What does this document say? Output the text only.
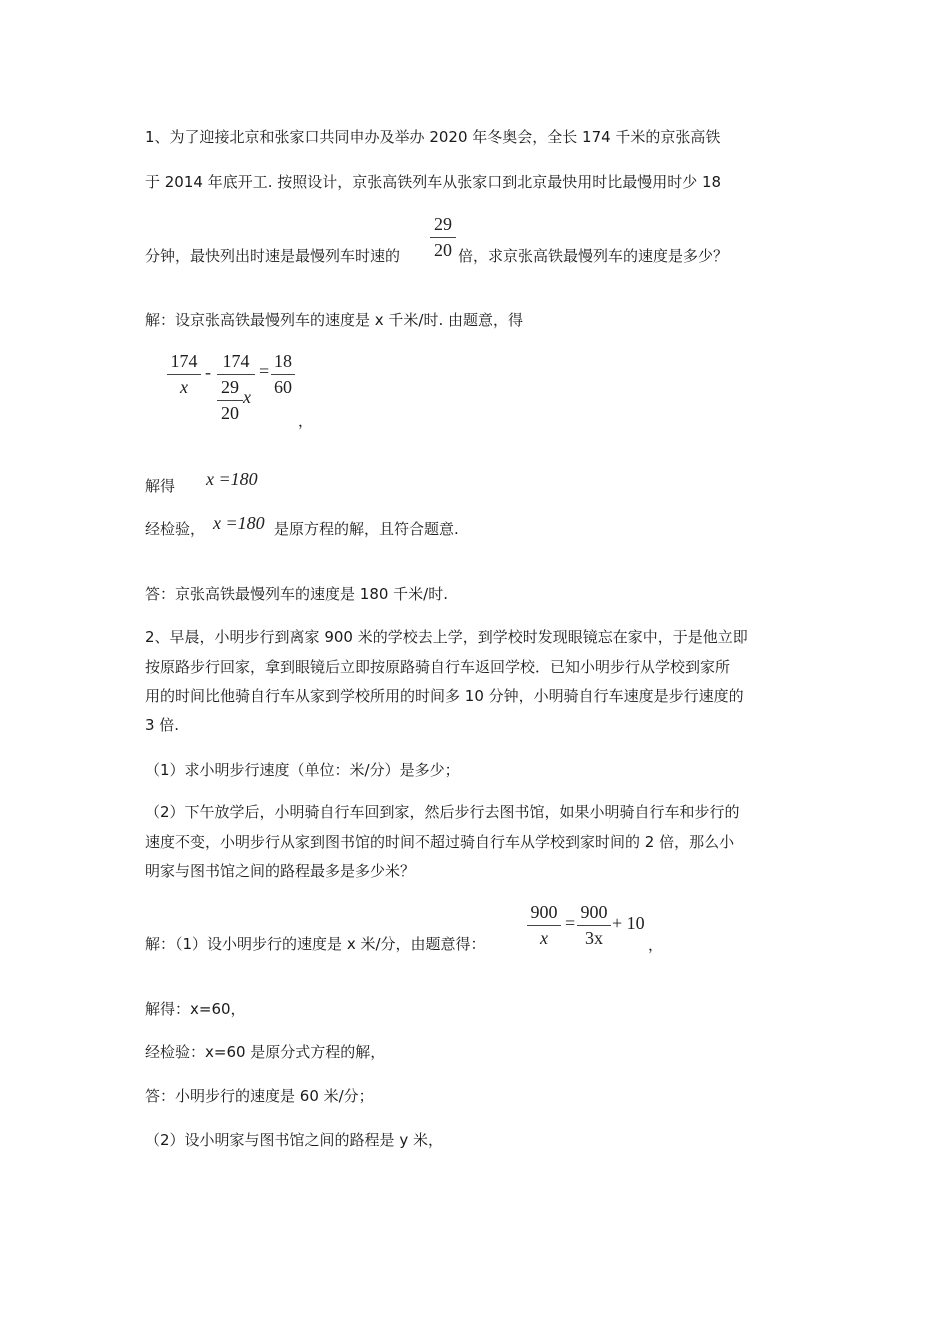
1、为了迎接北京和张家口共同申办及举办 2020 年冬奥会，全长 174 千米的京张高铁
于 2014 年底开工. 按照设计，京张高铁列车从张家口到北京最快用时比最慢用时少 18
分钟，最快列出时速是最慢列车时速的
29
20 倍，求京张高铁最慢列车的速度是多少？
解：设京张高铁最慢列车的速度是 x 千米/时. 由题意，得
174
x
-
174
29
20
x
= 18
60
，
解得 x =180
经检验， x =180 是原方程的解，且符合题意.
答：京张高铁最慢列车的速度是 180 千米/时.
2、早晨，小明步行到离家 900 米的学校去上学，到学校时发现眼镜忘在家中，于是他立即
按原路步行回家，拿到眼镜后立即按原路骑自行车返回学校．已知小明步行从学校到家所
用的时间比他骑自行车从家到学校所用的时间多 10 分钟，小明骑自行车速度是步行速度的
3 倍.
（1）求小明步行速度（单位：米/分）是多少；
（2）下午放学后，小明骑自行车回到家，然后步行去图书馆，如果小明骑自行车和步行的
速度不变，小明步行从家到图书馆的时间不超过骑自行车从学校到家时间的 2 倍，那么小
明家与图书馆之间的路程最多是多少米？
解：（1）设小明步行的速度是 x 米/分，由题意得：
900
x
=
900
3x
+ 10
，
解得：x=60，
经检验：x=60 是原分式方程的解，
答：小明步行的速度是 60 米/分；
（2）设小明家与图书馆之间的路程是 y 米，
